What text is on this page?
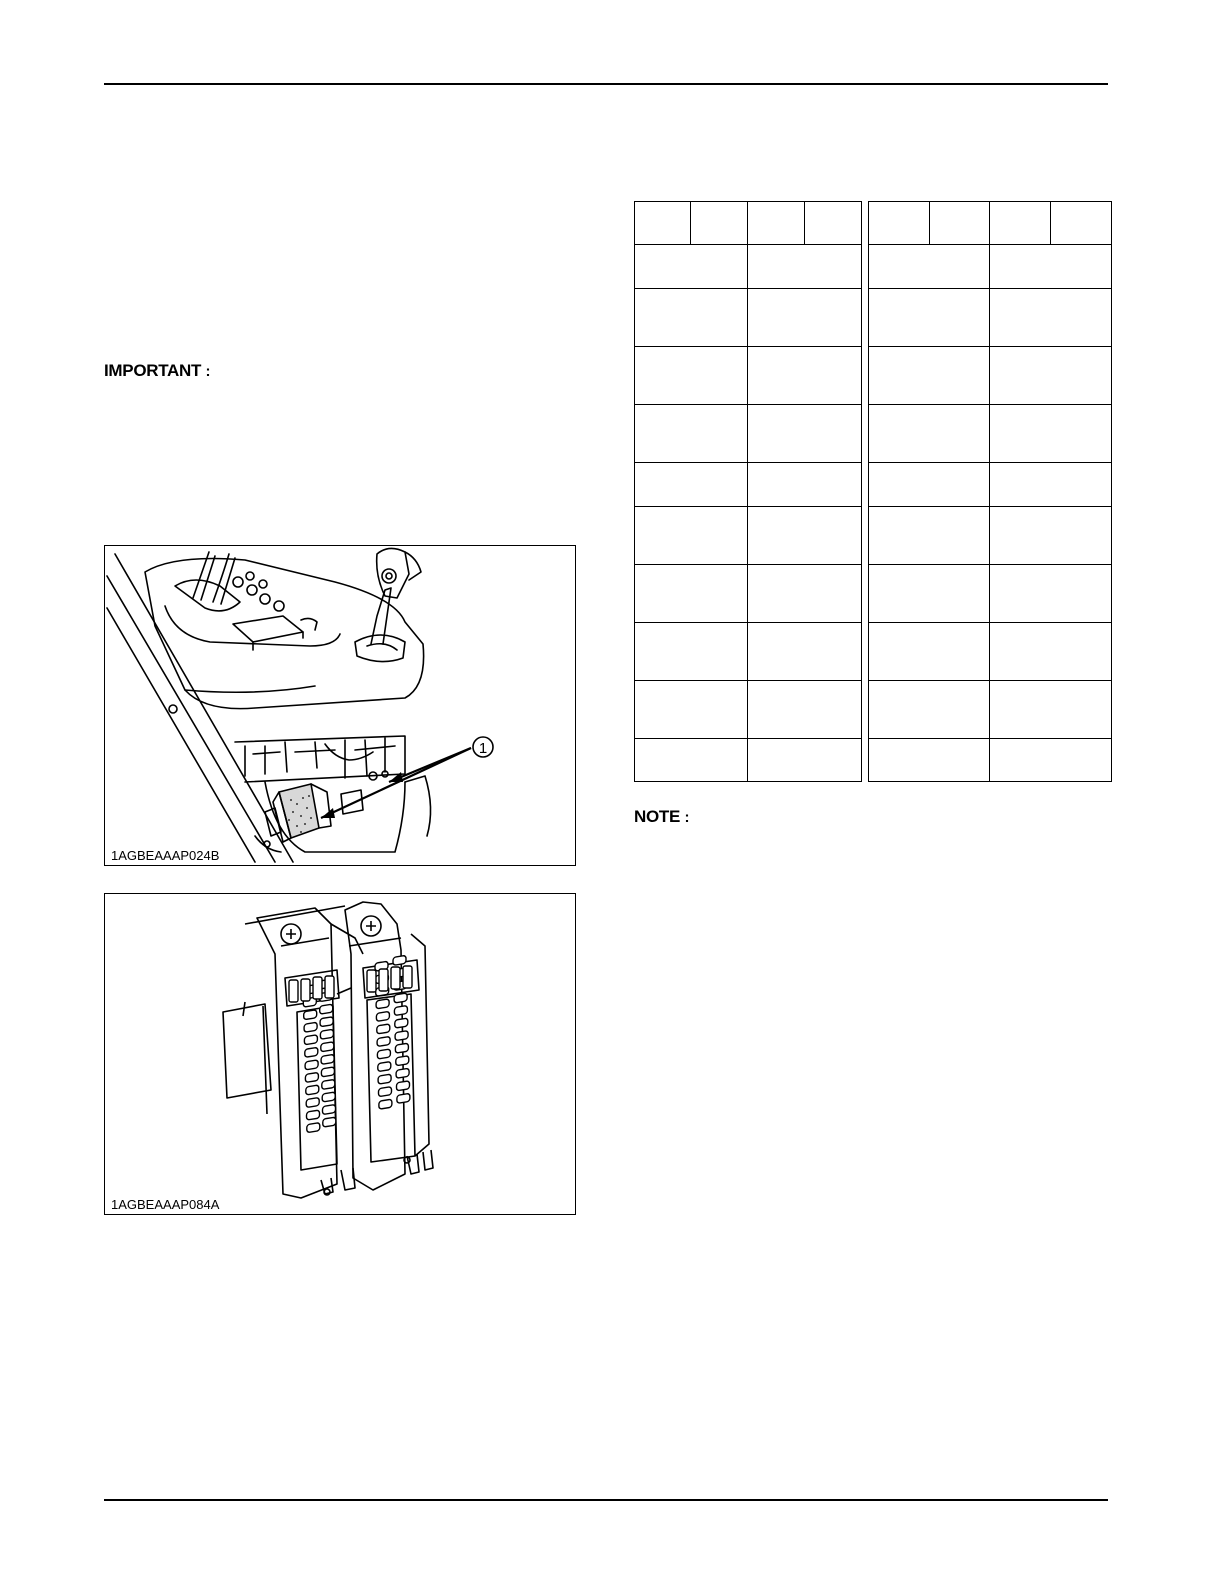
IMPORTANT :
1
1AGBEAAAP024B
1AGBEAAAP084A

NOTE :
